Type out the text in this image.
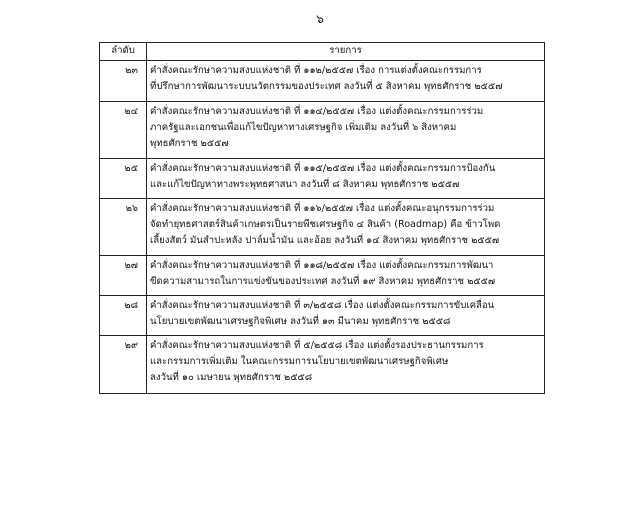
๖
ลำดับ	รายการ
๒๓	คำสั่งคณะรักษาความสงบแห่งชาติ ที่ ๑๑๒/๒๕๕๗ เรื่อง การแต่งตั้งคณะกรรมการ
ที่ปรึกษาการพัฒนาระบบนวัตกรรมของประเทศ ลงวันที่ ๕ สิงหาคม พุทธศักราช ๒๕๕๗

๒๔	คำสั่งคณะรักษาความสงบแห่งชาติ ที่ ๑๑๔/๒๕๕๗ เรื่อง แต่งตั้งคณะกรรมการร่วม
ภาครัฐและเอกชนเพื่อแก้ไขปัญหาทางเศรษฐกิจ เพิ่มเติม ลงวันที่ ๖ สิงหาคม
พุทธศักราช ๒๕๕๗

๒๕	คำสั่งคณะรักษาความสงบแห่งชาติ ที่ ๑๑๕/๒๕๕๗ เรื่อง แต่งตั้งคณะกรรมการป้องกัน
และแก้ไขปัญหาทางพระพุทธศาสนา ลงวันที่ ๘ สิงหาคม พุทธศักราช ๒๕๕๗

๒๖	คำสั่งคณะรักษาความสงบแห่งชาติ ที่ ๑๑๖/๒๕๕๗ เรื่อง แต่งตั้งคณะอนุกรรมการร่วม
จัดทำยุทธศาสตร์สินค้าเกษตรเป็นรายพืชเศรษฐกิจ ๔ สินค้า (Roadmap) คือ ข้าวโพด
เลี้ยงสัตว์ มันสำปะหลัง ปาล์มน้ำมัน และอ้อย ลงวันที่ ๑๔ สิงหาคม พุทธศักราช ๒๕๕๗

๒๗	คำสั่งคณะรักษาความสงบแห่งชาติ ที่ ๑๑๘/๒๕๕๗ เรื่อง แต่งตั้งคณะกรรมการพัฒนา
ขีดความสามารถในการแข่งขันของประเทศ ลงวันที่ ๑๙ สิงหาคม พุทธศักราช ๒๕๕๗

๒๘	คำสั่งคณะรักษาความสงบแห่งชาติ ที่ ๓/๒๕๕๘ เรื่อง แต่งตั้งคณะกรรมการขับเคลื่อน
นโยบายเขตพัฒนาเศรษฐกิจพิเศษ ลงวันที่ ๑๓ มีนาคม พุทธศักราช ๒๕๕๘

๒๙	คำสั่งคณะรักษาความสงบแห่งชาติ ที่ ๕/๒๕๕๘ เรื่อง แต่งตั้งรองประธานกรรมการ
และกรรมการเพิ่มเติม ในคณะกรรมการนโยบายเขตพัฒนาเศรษฐกิจพิเศษ
ลงวันที่ ๑๐ เมษายน พุทธศักราช ๒๕๕๘
